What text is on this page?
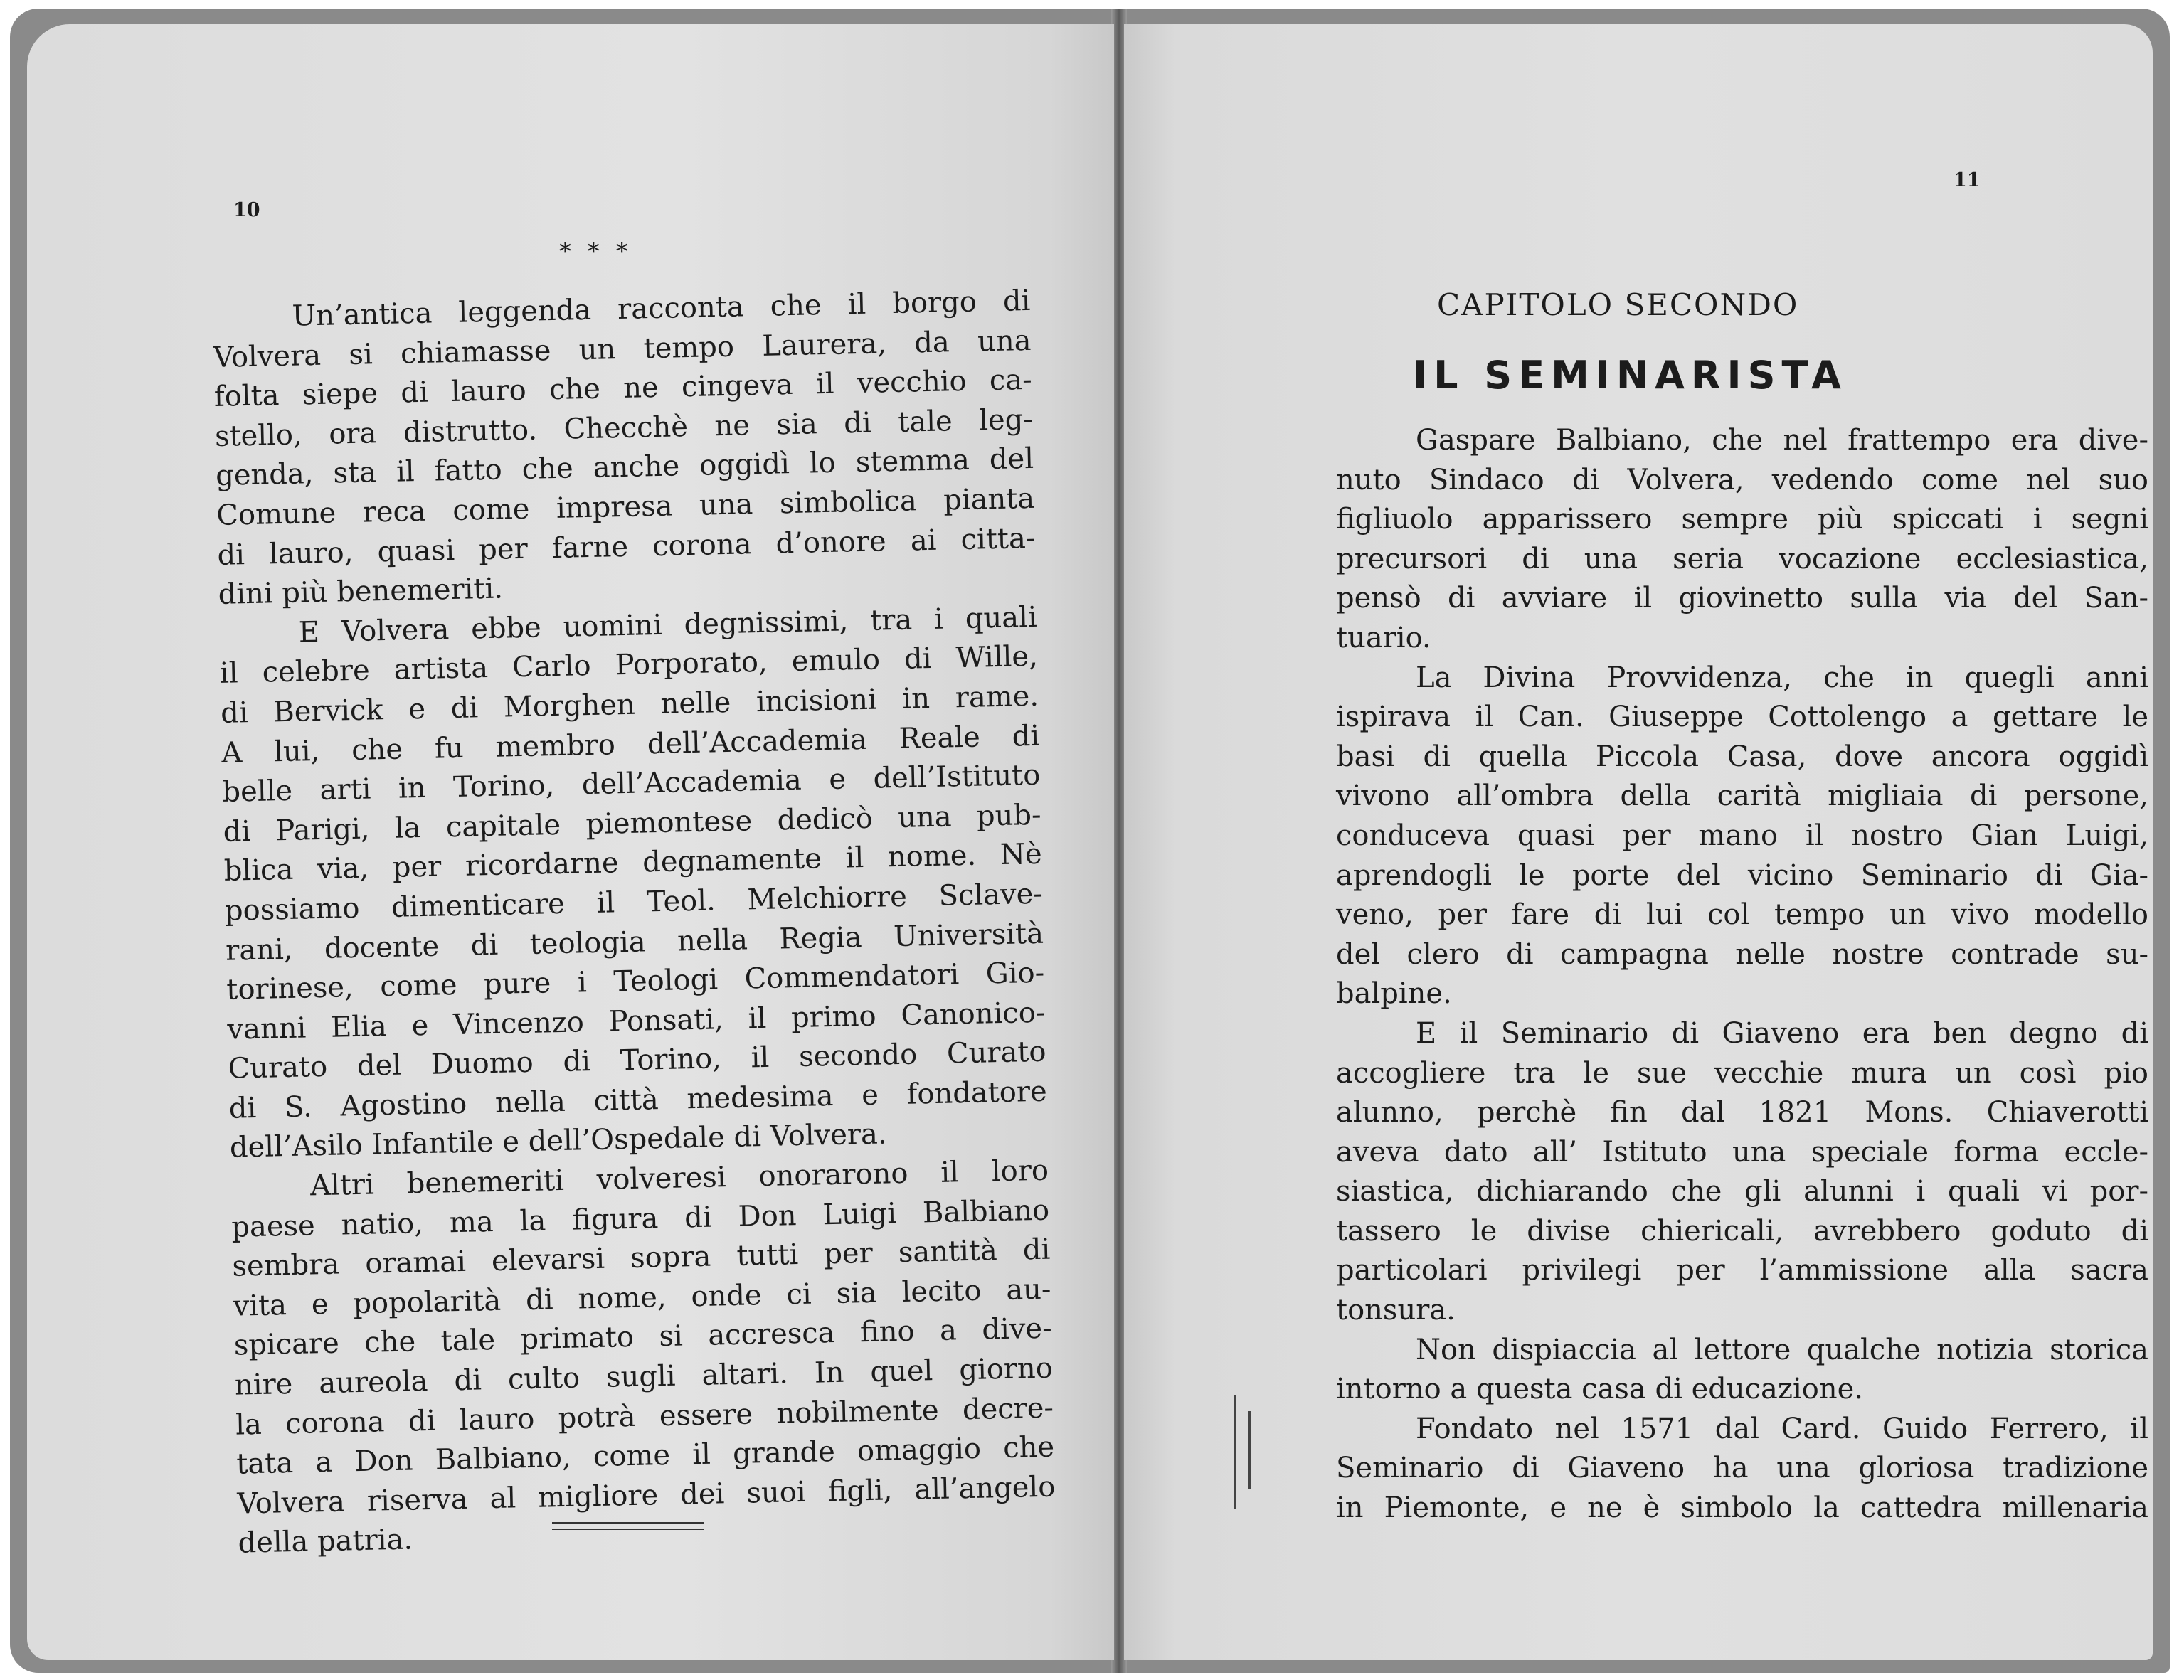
10
* * *
Un’antica leggenda racconta che il borgo di
Volvera si chiamasse un tempo Laurera, da una
folta siepe di lauro che ne cingeva il vecchio ca-
stello, ora distrutto. Checchè ne sia di tale leg-
genda, sta il fatto che anche oggidì lo stemma del
Comune reca come impresa una simbolica pianta
di lauro, quasi per farne corona d’onore ai citta-
dini più benemeriti.
E Volvera ebbe uomini degnissimi, tra i quali
il celebre artista Carlo Porporato, emulo di Wille,
di Bervick e di Morghen nelle incisioni in rame.
A lui, che fu membro dell’Accademia Reale di
belle arti in Torino, dell’Accademia e dell’Istituto
di Parigi, la capitale piemontese dedicò una pub-
blica via, per ricordarne degnamente il nome. Nè
possiamo dimenticare il Teol. Melchiorre Sclave-
rani, docente di teologia nella Regia Università
torinese, come pure i Teologi Commendatori Gio-
vanni Elia e Vincenzo Ponsati, il primo Canonico-
Curato del Duomo di Torino, il secondo Curato
di S. Agostino nella città medesima e fondatore
dell’Asilo Infantile e dell’Ospedale di Volvera.
Altri benemeriti volveresi onorarono il loro
paese natio, ma la figura di Don Luigi Balbiano
sembra oramai elevarsi sopra tutti per santità di
vita e popolarità di nome, onde ci sia lecito au-
spicare che tale primato si accresca fino a dive-
nire aureola di culto sugli altari. In quel giorno
la corona di lauro potrà essere nobilmente decre-
tata a Don Balbiano, come il grande omaggio che
Volvera riserva al migliore dei suoi figli, all’angelo
della patria.
11
CAPITOLO SECONDO
IL SEMINARISTA
Gaspare Balbiano, che nel frattempo era dive-
nuto Sindaco di Volvera, vedendo come nel suo
figliuolo apparissero sempre più spiccati i segni
precursori di una seria vocazione ecclesiastica,
pensò di avviare il giovinetto sulla via del San-
tuario.
La Divina Provvidenza, che in quegli anni
ispirava il Can. Giuseppe Cottolengo a gettare le
basi di quella Piccola Casa, dove ancora oggidì
vivono all’ombra della carità migliaia di persone,
conduceva quasi per mano il nostro Gian Luigi,
aprendogli le porte del vicino Seminario di Gia-
veno, per fare di lui col tempo un vivo modello
del clero di campagna nelle nostre contrade su-
balpine.
E il Seminario di Giaveno era ben degno di
accogliere tra le sue vecchie mura un così pio
alunno, perchè fin dal 1821 Mons. Chiaverotti
aveva dato all’ Istituto una speciale forma eccle-
siastica, dichiarando che gli alunni i quali vi por-
tassero le divise chiericali, avrebbero goduto di
particolari privilegi per l’ammissione alla sacra
tonsura.
Non dispiaccia al lettore qualche notizia storica
intorno a questa casa di educazione.
Fondato nel 1571 dal Card. Guido Ferrero, il
Seminario di Giaveno ha una gloriosa tradizione
in Piemonte, e ne è simbolo la cattedra millenaria
